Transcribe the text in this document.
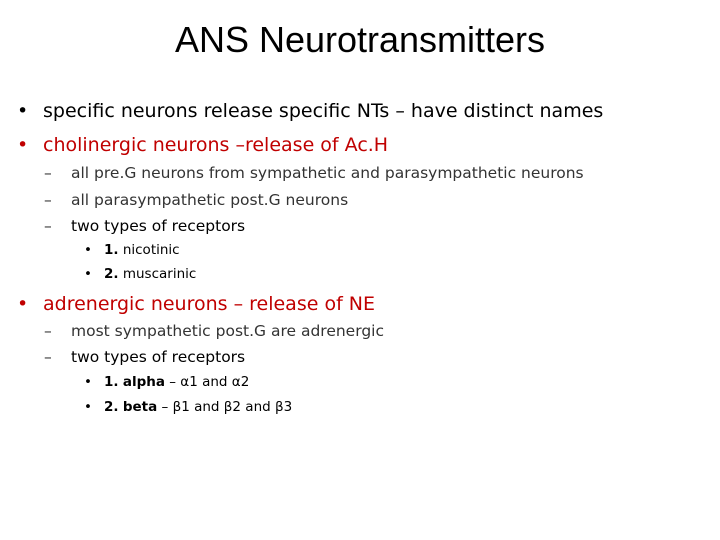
ANS Neurotransmitters
• specific neurons release specific NTs – have distinct names
• cholinergic neurons –release of Ac.H
– all pre.G neurons from sympathetic and parasympathetic neurons
– all parasympathetic post.G neurons
– two types of receptors
• 1. nicotinic
• 2. muscarinic
• adrenergic neurons – release of NE
– most sympathetic post.G are adrenergic
– two types of receptors
• 1. alpha – α1 and α2
• 2. beta – β1 and β2 and β3
